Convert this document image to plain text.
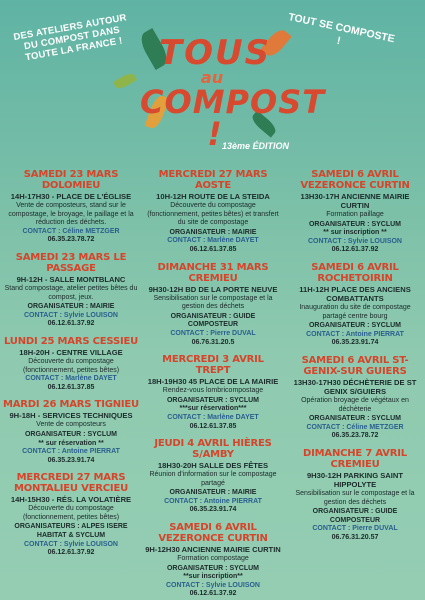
DES ATELIERS AUTOUR DU COMPOST DANS TOUTE LA FRANCE !
TOUT SE COMPOSTE !
TOUS
au
COMPOST ! 13ème ÉDITION
SAMEDI 23 MARS DOLOMIEU
14H-17H30 - PLACE DE L'ÉGLISE
Vente de composteurs, stand sur le compostage, le broyage, le paillage et la réduction des déchets.
CONTACT : Céline METZGER
06.35.23.78.72
SAMEDI 23 MARS LE PASSAGE
9H-12H - SALLE MONTBLANC
Stand compostage, atelier petites bêtes du compost, jeux.
ORGANISATEUR : MAIRIE
CONTACT : Sylvie LOUISON
06.12.61.37.92
LUNDI 25 MARS CESSIEU
18H-20H - CENTRE VILLAGE
Découverte du compostage (fonctionnement, petites bêtes)
CONTACT : Marlène DAYET
06.12.61.37.85
MARDI 26 MARS TIGNIEU
9H-18H - SERVICES TECHNIQUES
Vente de composteurs
ORGANISATEUR : SYCLUM
** sur réservation **
CONTACT : Antoine PIERRAT
06.35.23.91.74
MERCREDI 27 MARS MONTALIEU VERCIEU
14H-15H30 - RÉS. LA VOLATIÈRE
Découverte du compostage (fonctionnement, petites bêtes)
ORGANISATEURS : ALPES ISERE HABITAT & SYCLUM
CONTACT : Sylvie LOUISON
06.12.61.37.92
MERCREDI 27 MARS AOSTE
10H-12H ROUTE DE LA STEIDA
Découverte du compostage (fonctionnement, petites bêtes) et transfert du site de compostage
ORGANISATEUR : MAIRIE
CONTACT : Marlène DAYET
06.12.61.37.85
DIMANCHE 31 MARS CREMIEU
9H30-12H BD DE LA PORTE NEUVE
Sensibilisation sur le compostage et la gestion des déchets
ORGANISATEUR : GUIDE COMPOSTEUR
CONTACT : Pierre DUVAL
06.76.31.20.5
MERCREDI 3 AVRIL TREPT
18H-19H30 45 PLACE DE LA MAIRIE
Rendez-vous lombricompostage
ORGANISATEUR : SYCLUM
***sur réservation***
CONTACT : Marlène DAYET
06.12.61.37.85
JEUDI 4 AVRIL HIÈRES S/AMBY
18H30-20H SALLE DES FÊTES
Réunion d'information sur le compostage partagé
ORGANISATEUR : MAIRIE
CONTACT : Antoine PIERRAT
06.35.23.91.74
SAMEDI 6 AVRIL VEZERONCE CURTIN
9H-12H30 ANCIENNE MAIRIE CURTIN
Formation compostage
ORGANISATEUR : SYCLUM
**sur inscription**
CONTACT : Sylvie LOUISON
06.12.61.37.92
SAMEDI 6 AVRIL VEZERONCE CURTIN
13H30-17H ANCIENNE MAIRIE CURTIN
Formation paillage
ORGANISATEUR : SYCLUM
** sur inscription **
CONTACT : Sylvie LOUISON
06.12.61.37.92
SAMEDI 6 AVRIL ROCHETOIRIN
11H-12H PLACE DES ANCIENS COMBATTANTS
Inauguration du site de compostage partagé centre bourg
ORGANISATEUR : SYCLUM
CONTACT : Antoine PIERRAT
06.35.23.91.74
SAMEDI 6 AVRIL ST-GENIX-SUR GUIERS
13H30-17H30 DÉCHÈTERIE DE ST GENIX S/GUIERS
Opération broyage de végétaux en déchèterie
ORGANISATEUR : SYCLUM
CONTACT : Céline METZGER
06.35.23.78.72
DIMANCHE 7 AVRIL CREMIEU
9H30-12H PARKING SAINT HIPPOLYTE
Sensibilisation sur le compostage et la gestion des déchets
ORGANISATEUR : GUIDE COMPOSTEUR
CONTACT : Pierre DUVAL
06.76.31.20.57
